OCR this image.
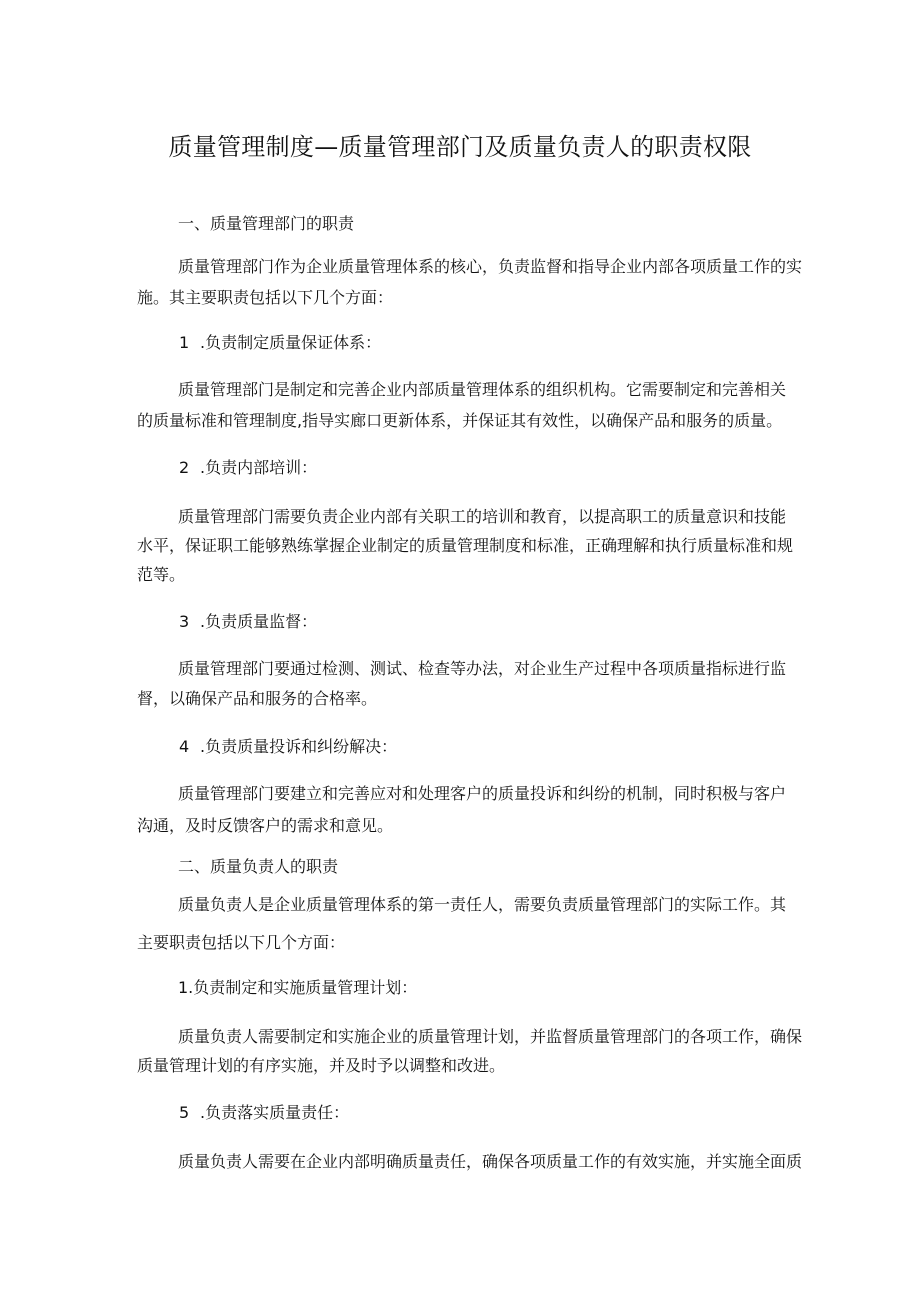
质量管理制度—质量管理部门及质量负责人的职责权限
一、质量管理部门的职责
质量管理部门作为企业质量管理体系的核心，负责监督和指导企业内部各项质量工作的实
施。其主要职责包括以下几个方面：
1 .负责制定质量保证体系：
质量管理部门是制定和完善企业内部质量管理体系的组织机构。它需要制定和完善相关
的质量标准和管理制度,指导实廊口更新体系，并保证其有效性，以确保产品和服务的质量。
2 .负责内部培训：
质量管理部门需要负责企业内部有关职工的培训和教育，以提高职工的质量意识和技能
水平，保证职工能够熟练掌握企业制定的质量管理制度和标准，正确理解和执行质量标准和规
范等。
3 .负责质量监督：
质量管理部门要通过检测、测试、检查等办法，对企业生产过程中各项质量指标进行监
督，以确保产品和服务的合格率。
4 .负责质量投诉和纠纷解决：
质量管理部门要建立和完善应对和处理客户的质量投诉和纠纷的机制，同时积极与客户
沟通，及时反馈客户的需求和意见。
二、质量负责人的职责
质量负责人是企业质量管理体系的第一责任人，需要负责质量管理部门的实际工作。其
主要职责包括以下几个方面：
1.负责制定和实施质量管理计划：
质量负责人需要制定和实施企业的质量管理计划，并监督质量管理部门的各项工作，确保
质量管理计划的有序实施，并及时予以调整和改进。
5 .负责落实质量责任：
质量负责人需要在企业内部明确质量责任，确保各项质量工作的有效实施，并实施全面质
